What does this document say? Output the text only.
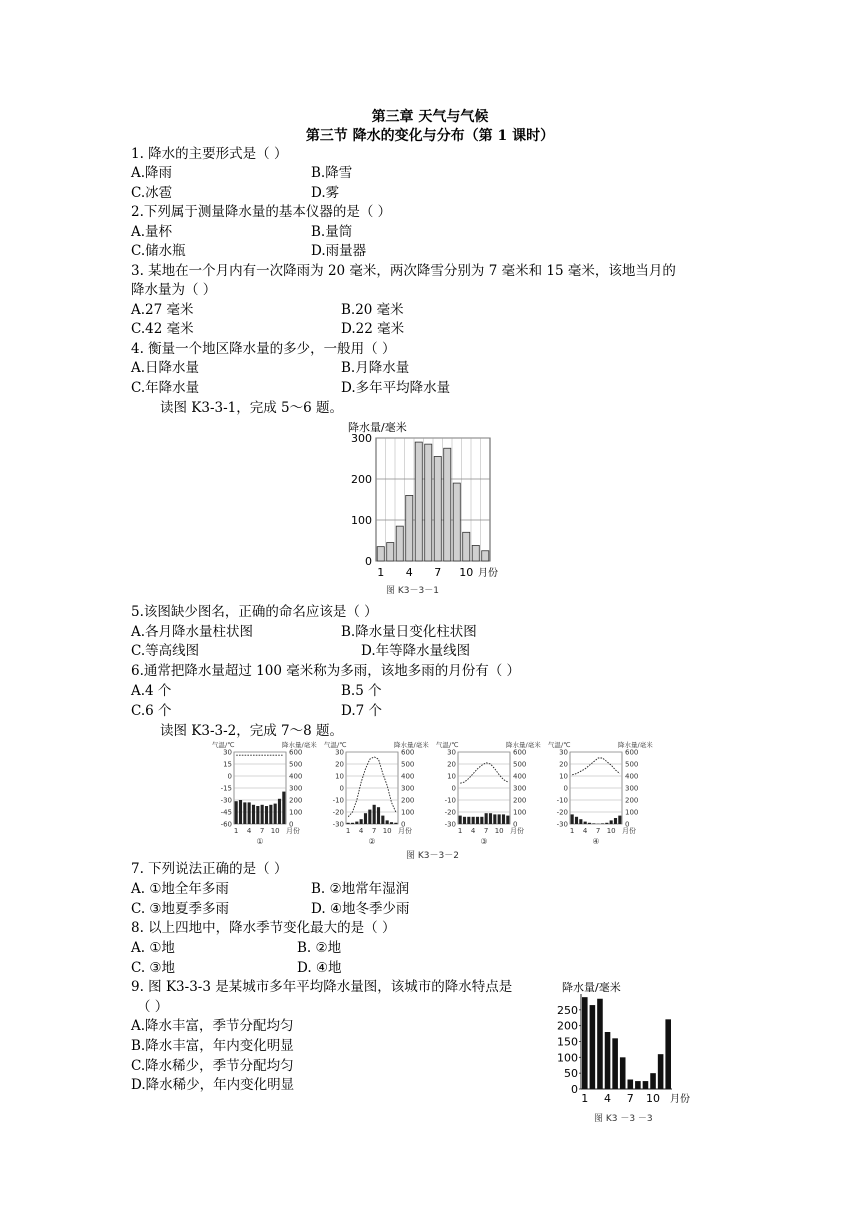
第三章 天气与气候
第三节 降水的变化与分布（第 1 课时）
1. 降水的主要形式是（ ）
A.降雨	B.降雪
C.冰雹	D.雾
2.下列属于测量降水量的基本仪器的是（ ）
A.量杯	B.量筒
C.储水瓶	D.雨量器
3. 某地在一个月内有一次降雨为 20 毫米，两次降雪分别为 7 毫米和 15 毫米，该地当月的
降水量为（ ）
A.27 毫米	B.20 毫米
C.42 毫米	D.22 毫米
4. 衡量一个地区降水量的多少，一般用（ ）
A.日降水量	B.月降水量
C.年降水量	D.多年平均降水量
读图 K3-3-1，完成 5～6 题。
降水量/毫米
0
100
200
300
1 4 7 10 月份
图 K3－3－1
5.该图缺少图名，正确的命名应该是（ ）
A.各月降水量柱状图	B.降水量日变化柱状图
C.等高线图	D.年等降水量线图
6.通常把降水量超过 100 毫米称为多雨，该地多雨的月份有（ ）
A.4 个	B.5 个
C.6 个	D.7 个
读图 K3-3-2，完成 7～8 题。
气温/℃	降水量/毫米
30
15
0
-15
-30
-45
-60
600
500
400
300
200
100
0
1 4 7 10 月份
①
气温/℃	降水量/毫米
30
20
10
0
-10
-20
-30
600
500
400
300
200
100
0
1 4 7 10 月份
②
气温/℃	降水量/毫米
30
20
10
0
-10
-20
-30
600
500
400
300
200
100
0
1 4 7 10 月份
③
气温/℃	降水量/毫米
30
20
10
0
-10
-20
-30
600
500
400
300
200
100
0
1 4 7 10 月份
④
图 K3－3－2
7. 下列说法正确的是（ ）
A. ①地全年多雨	B. ②地常年湿润
C. ③地夏季多雨	D. ④地冬季少雨
8. 以上四地中，降水季节变化最大的是（ ）
A. ①地	B. ②地
C. ③地	D. ④地
9. 图 K3-3-3 是某城市多年平均降水量图，该城市的降水特点是
（ ）
A.降水丰富，季节分配均匀
B.降水丰富，年内变化明显
C.降水稀少，季节分配均匀
D.降水稀少，年内变化明显
降水量/毫米
0
50
100
150
200
250
1 4 7 10 月份
图 K3 －3 －3
